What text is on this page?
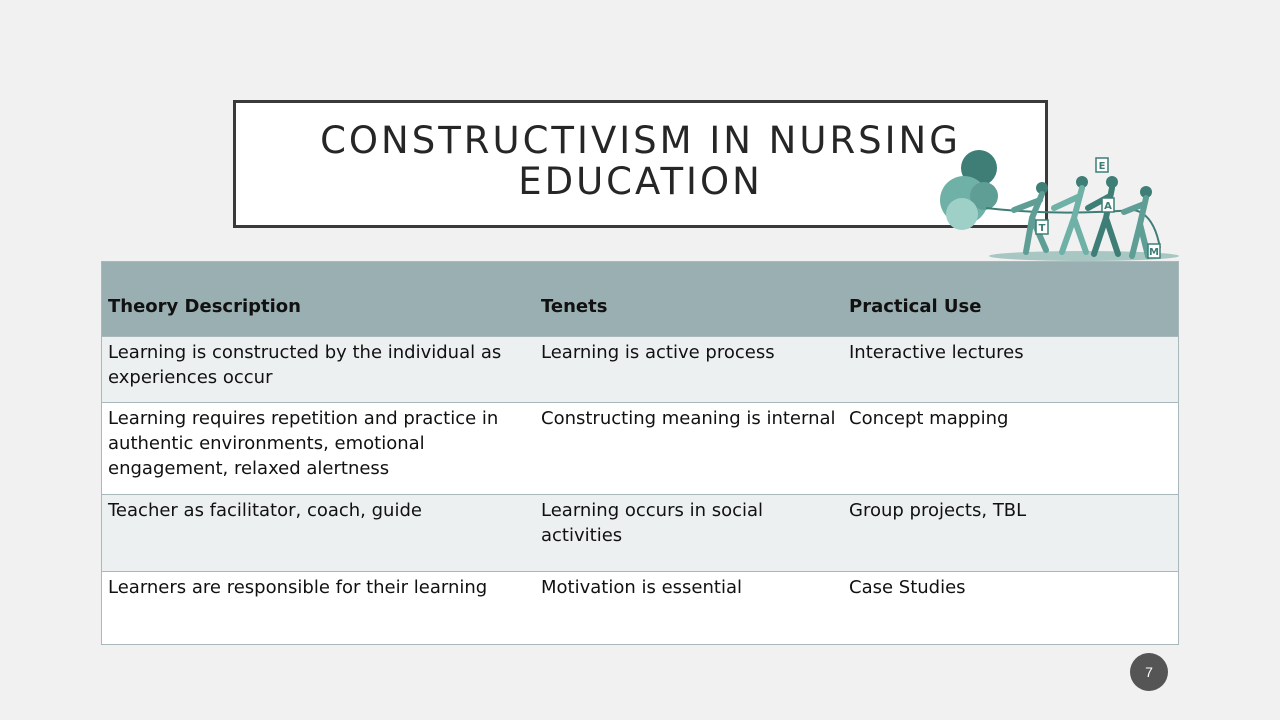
CONSTRUCTIVISM IN NURSING
EDUCATION	E
A
T
M
Theory Description	Tenets	Practical Use
Learning is constructed by the individual as experiences occur	Learning is active process	Interactive lectures
Learning requires repetition and practice in authentic environments, emotional engagement, relaxed alertness	Constructing meaning is internal	Concept mapping
Teacher as facilitator, coach, guide	Learning occurs in social activities	Group projects, TBL
Learners are responsible for their learning	Motivation is essential	Case Studies
7
